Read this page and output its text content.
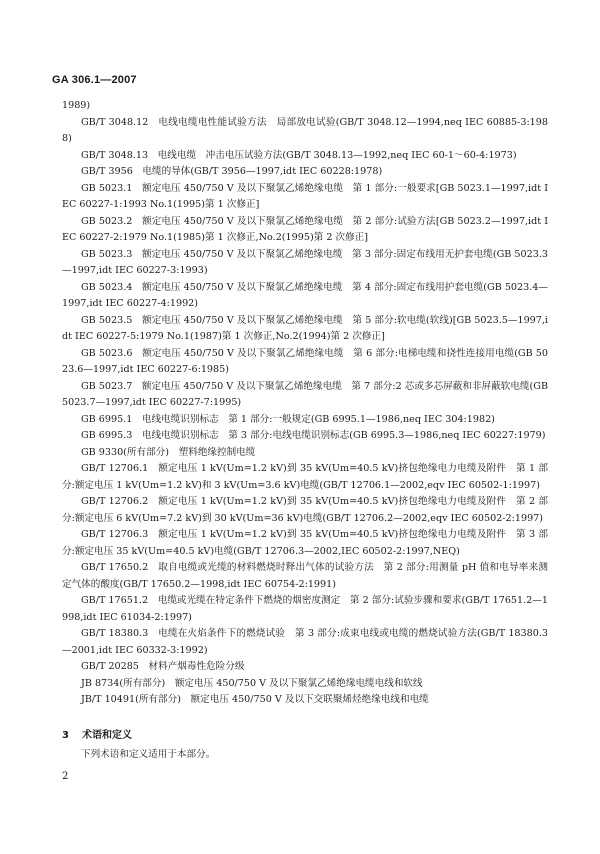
GA 306.1—2007

1989)

GB/T 3048.12　电线电缆电性能试验方法　局部放电试验(GB/T 3048.12—1994,neq IEC 60885-3:1988)

GB/T 3048.13　电线电缆　冲击电压试验方法(GB/T 3048.13—1992,neq IEC 60-1～60-4:1973)

GB/T 3956　电缆的导体(GB/T 3956—1997,idt IEC 60228:1978)

GB 5023.1　额定电压 450/750 V 及以下聚氯乙烯绝缘电缆　第 1 部分:一般要求[GB 5023.1—1997,idt IEC 60227-1:1993 No.1(1995)第 1 次修正]

GB 5023.2　额定电压 450/750 V 及以下聚氯乙烯绝缘电缆　第 2 部分:试验方法[GB 5023.2—1997,idt IEC 60227-2:1979 No.1(1985)第 1 次修正,No.2(1995)第 2 次修正]

GB 5023.3　额定电压 450/750 V 及以下聚氯乙烯绝缘电缆　第 3 部分:固定布线用无护套电缆(GB 5023.3—1997,idt IEC 60227-3:1993)

GB 5023.4　额定电压 450/750 V 及以下聚氯乙烯绝缘电缆　第 4 部分:固定布线用护套电缆(GB 5023.4—1997,idt IEC 60227-4:1992)

GB 5023.5　额定电压 450/750 V 及以下聚氯乙烯绝缘电缆　第 5 部分:软电缆(软线)[GB 5023.5—1997,idt IEC 60227-5:1979 No.1(1987)第 1 次修正,No.2(1994)第 2 次修正]

GB 5023.6　额定电压 450/750 V 及以下聚氯乙烯绝缘电缆　第 6 部分:电梯电缆和挠性连接用电缆(GB 5023.6—1997,idt IEC 60227-6:1985)

GB 5023.7　额定电压 450/750 V 及以下聚氯乙烯绝缘电缆　第 7 部分:2 芯或多芯屏蔽和非屏蔽软电缆(GB 5023.7—1997,idt IEC 60227-7:1995)

GB 6995.1　电线电缆识别标志　第 1 部分:一般规定(GB 6995.1—1986,neq IEC 304:1982)

GB 6995.3　电线电缆识别标志　第 3 部分:电线电缆识别标志(GB 6995.3—1986,neq IEC 60227:1979)

GB 9330(所有部分)　塑料绝缘控制电缆

GB/T 12706.1　额定电压 1 kV(Um=1.2 kV)到 35 kV(Um=40.5 kV)挤包绝缘电力电缆及附件　第 1 部分:额定电压 1 kV(Um=1.2 kV)和 3 kV(Um=3.6 kV)电缆(GB/T 12706.1—2002,eqv IEC 60502-1:1997)

GB/T 12706.2　额定电压 1 kV(Um=1.2 kV)到 35 kV(Um=40.5 kV)挤包绝缘电力电缆及附件　第 2 部分:额定电压 6 kV(Um=7.2 kV)到 30 kV(Um=36 kV)电缆(GB/T 12706.2—2002,eqv IEC 60502-2:1997)

GB/T 12706.3　额定电压 1 kV(Um=1.2 kV)到 35 kV(Um=40.5 kV)挤包绝缘电力电缆及附件　第 3 部分:额定电压 35 kV(Um=40.5 kV)电缆(GB/T 12706.3—2002,IEC 60502-2:1997,NEQ)

GB/T 17650.2　取自电缆或光缆的材料燃烧时释出气体的试验方法　第 2 部分:用测量 pH 值和电导率来测定气体的酸度(GB/T 17650.2—1998,idt IEC 60754-2:1991)

GB/T 17651.2　电缆或光缆在特定条件下燃烧的烟密度测定　第 2 部分:试验步骤和要求(GB/T 17651.2—1998,idt IEC 61034-2:1997)

GB/T 18380.3　电缆在火焰条件下的燃烧试验　第 3 部分:成束电线或电缆的燃烧试验方法(GB/T 18380.3—2001,idt IEC 60332-3:1992)

GB/T 20285　材料产烟毒性危险分级

JB 8734(所有部分)　额定电压 450/750 V 及以下聚氯乙烯绝缘电缆电线和软线

JB/T 10491(所有部分)　额定电压 450/750 V 及以下交联聚烯烃绝缘电线和电缆

3 术语和定义
下列术语和定义适用于本部分。
2
